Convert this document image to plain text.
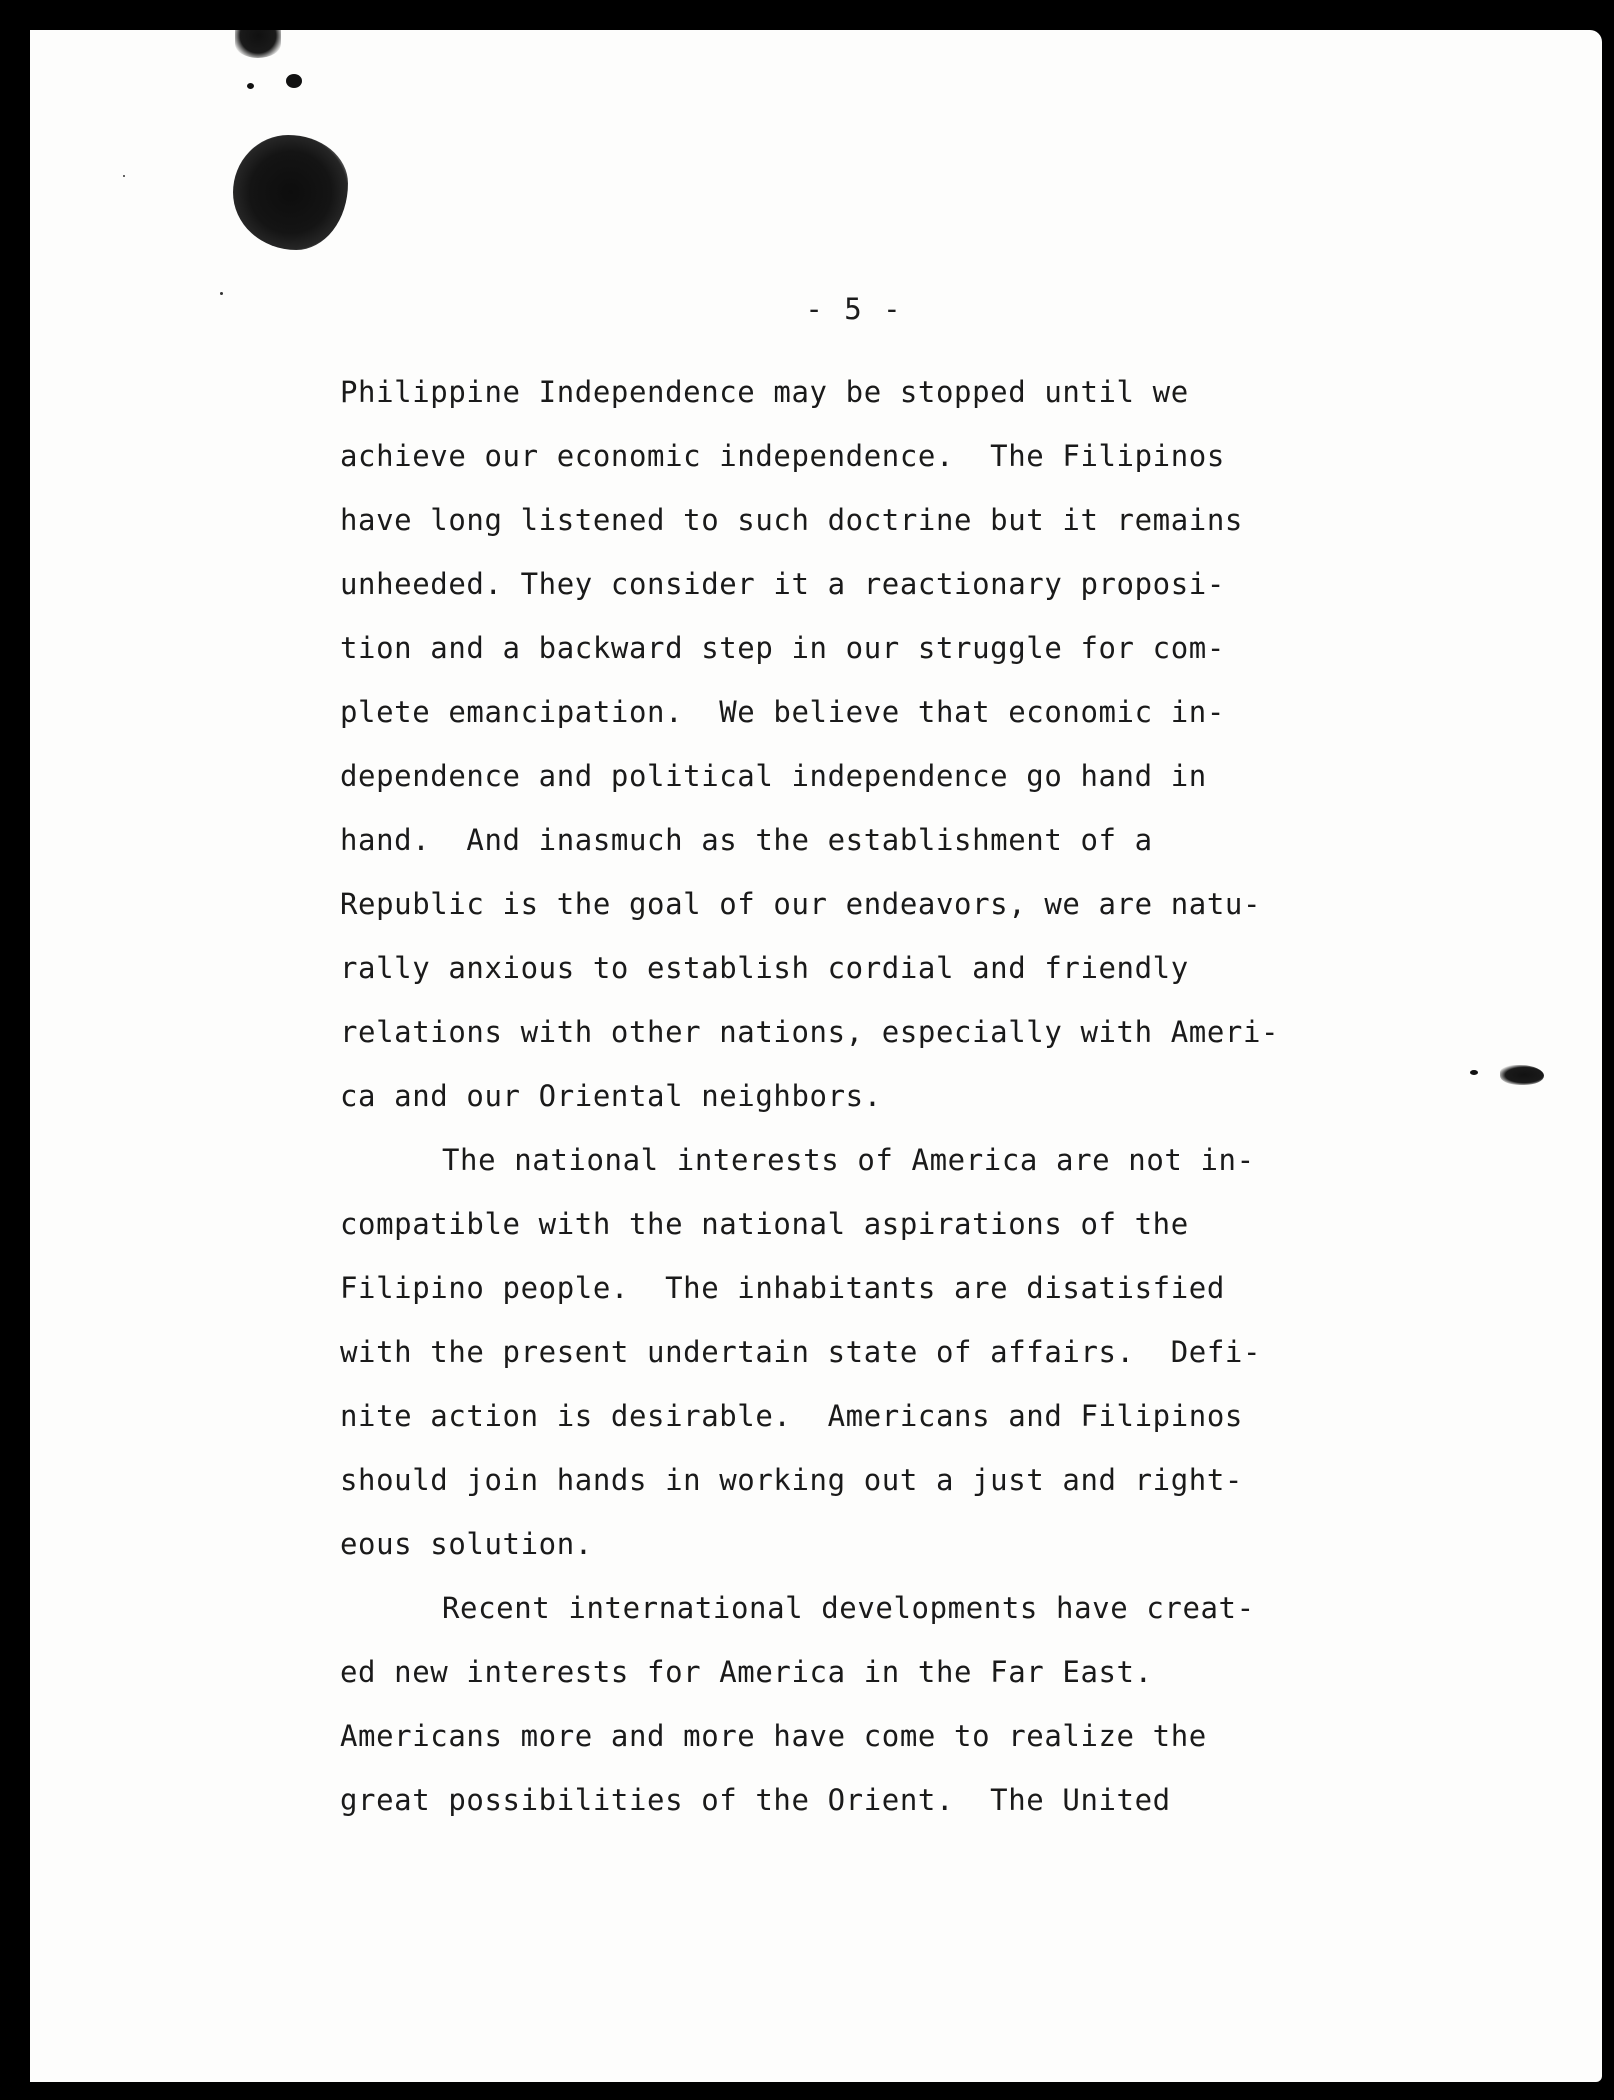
- 5 -
Philippine Independence may be stopped until we
achieve our economic independence.  The Filipinos
have long listened to such doctrine but it remains
unheeded. They consider it a reactionary proposi-
tion and a backward step in our struggle for com-
plete emancipation.  We believe that economic in-
dependence and political independence go hand in
hand.  And inasmuch as the establishment of a
Republic is the goal of our endeavors, we are natu-
rally anxious to establish cordial and friendly
relations with other nations, especially with Ameri-
ca and our Oriental neighbors.
The national interests of America are not in-
compatible with the national aspirations of the
Filipino people.  The inhabitants are disatisfied
with the present undertain state of affairs.  Defi-
nite action is desirable.  Americans and Filipinos
should join hands in working out a just and right-
eous solution.
Recent international developments have creat-
ed new interests for America in the Far East.
Americans more and more have come to realize the
great possibilities of the Orient.  The United
